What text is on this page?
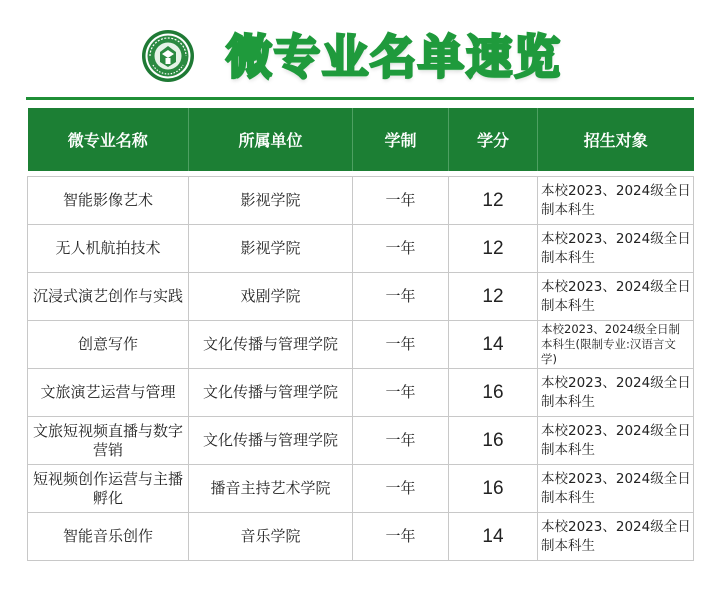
微专业名单速览
微专业名称	所属单位	学制	学分	招生对象

智能影像艺术	影视学院	一年	12	本校2023、2024级全日制本科生
无人机航拍技术	影视学院	一年	12	本校2023、2024级全日制本科生
沉浸式演艺创作与实践	戏剧学院	一年	12	本校2023、2024级全日制本科生
创意写作	文化传播与管理学院	一年	14	本校2023、2024级全日制本科生(限制专业:汉语言文学)
文旅演艺运营与管理	文化传播与管理学院	一年	16	本校2023、2024级全日制本科生
文旅短视频直播与数字营销	文化传播与管理学院	一年	16	本校2023、2024级全日制本科生
短视频创作运营与主播孵化	播音主持艺术学院	一年	16	本校2023、2024级全日制本科生
智能音乐创作	音乐学院	一年	14	本校2023、2024级全日制本科生
